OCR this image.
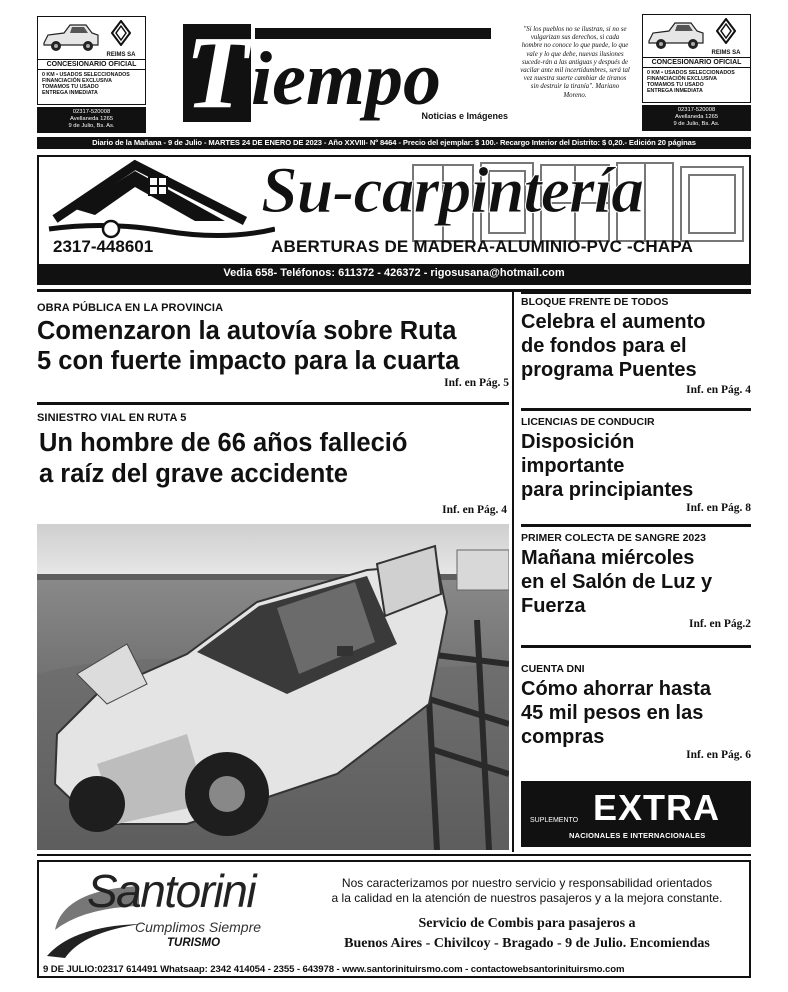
REIMS SA
CONCESIONARIO OFICIAL
0 KM • USADOS SELECCIONADOS
FINANCIACIÓN EXCLUSIVA
TOMAMOS TU USADO
ENTREGA INMEDIATA
02317-520008
Avellaneda 1265
9 de Julio, Bs. As. T iempo
Noticias e Imágenes
"Si los pueblos no se ilustran, si no se vulgarizan sus derechos, si cada hombre no conoce lo que puede, lo que vale y lo que debe, nuevas ilusiones sucede-rán a las antiguas y después de vacilar ante mil incertidumbres, será tal vez nuestra suerte cambiar de tiranos sin destruir la tiranía". Mariano Moreno.
REIMS SA
CONCESIONARIO OFICIAL
0 KM • USADOS SELECCIONADOS
FINANCIACIÓN EXCLUSIVA
TOMAMOS TU USADO
ENTREGA INMEDIATA
02317-520008
Avellaneda 1265
9 de Julio, Bs. As.
Diario de la Mañana - 9 de Julio - MARTES 24 DE ENERO DE 2023 - Año XXVIII- Nº 8464 - Precio del ejemplar: $ 100.- Recargo Interior del Distrito: $ 0,20.- Edición 20 páginas
Su-carpintería
2317-448601	ABERTURAS DE MADERA-ALUMINIO-PVC -CHAPA
Vedia 658- Teléfonos: 611372 - 426372 - rigosusana@hotmail.com
OBRA PÚBLICA EN LA PROVINCIA
Comenzaron la autovía sobre Ruta
5 con fuerte impacto para la cuarta
Inf. en Pág. 5
SINIESTRO VIAL EN RUTA 5
Un hombre de 66 años falleció
a raíz del grave accidente
Inf. en Pág. 4
BLOQUE FRENTE DE TODOS
Celebra el aumento
de fondos para el
programa Puentes
Inf. en Pág. 4
LICENCIAS DE CONDUCIR
Disposición
importante
para principiantes
Inf. en Pág. 8
PRIMER COLECTA DE SANGRE 2023
Mañana miércoles
en el Salón de Luz y
Fuerza
Inf. en Pág.2
CUENTA DNI
Cómo ahorrar hasta
45 mil pesos en las
compras
Inf. en Pág. 6
EXTRA
SUPLEMENTO
NACIONALES E INTERNACIONALES
Santorini
Cumplimos Siempre
TURISMO
Nos caracterizamos por nuestro servicio y responsabilidad orientados
a la calidad en la atención de nuestros pasajeros y a la mejora constante.
Servicio de Combis para pasajeros a
Buenos Aires - Chivilcoy - Bragado - 9 de Julio. Encomiendas
9 DE JULIO:02317 614491 Whatsaap: 2342 414054 - 2355 - 643978 - www.santorinituirsmo.com - contactowebsantorinituirsmo.com
